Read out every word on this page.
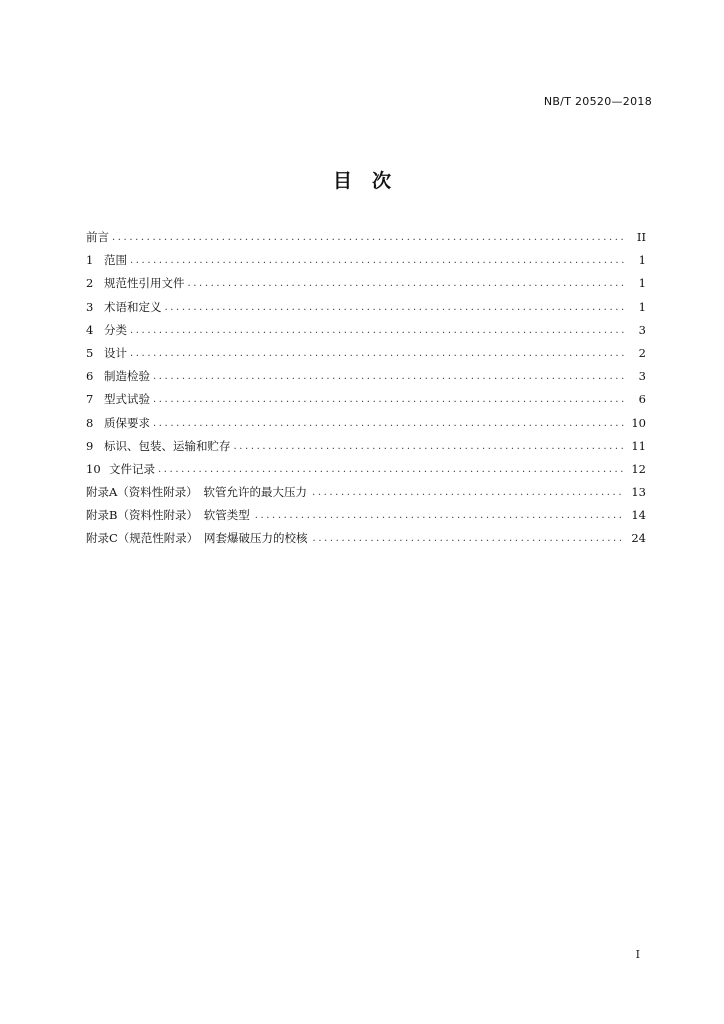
NB/T 20520—2018
目 次
前言 .....	II
1 范围 .....	1
2 规范性引用文件 .....	1
3 术语和定义 .....	1
4 分类 .....	3
5 设计 .....	2
6 制造检验 .....	3
7 型式试验 .....	6
8 质保要求 .....	10
9 标识、包装、运输和贮存 .....	11
10 文件记录 .....	12
附录A（资料性附录）　软管允许的最大压力 .....	13
附录B（资料性附录）　软管类型 .....	14
附录C（规范性附录）　网套爆破压力的校核 .....	24
I
